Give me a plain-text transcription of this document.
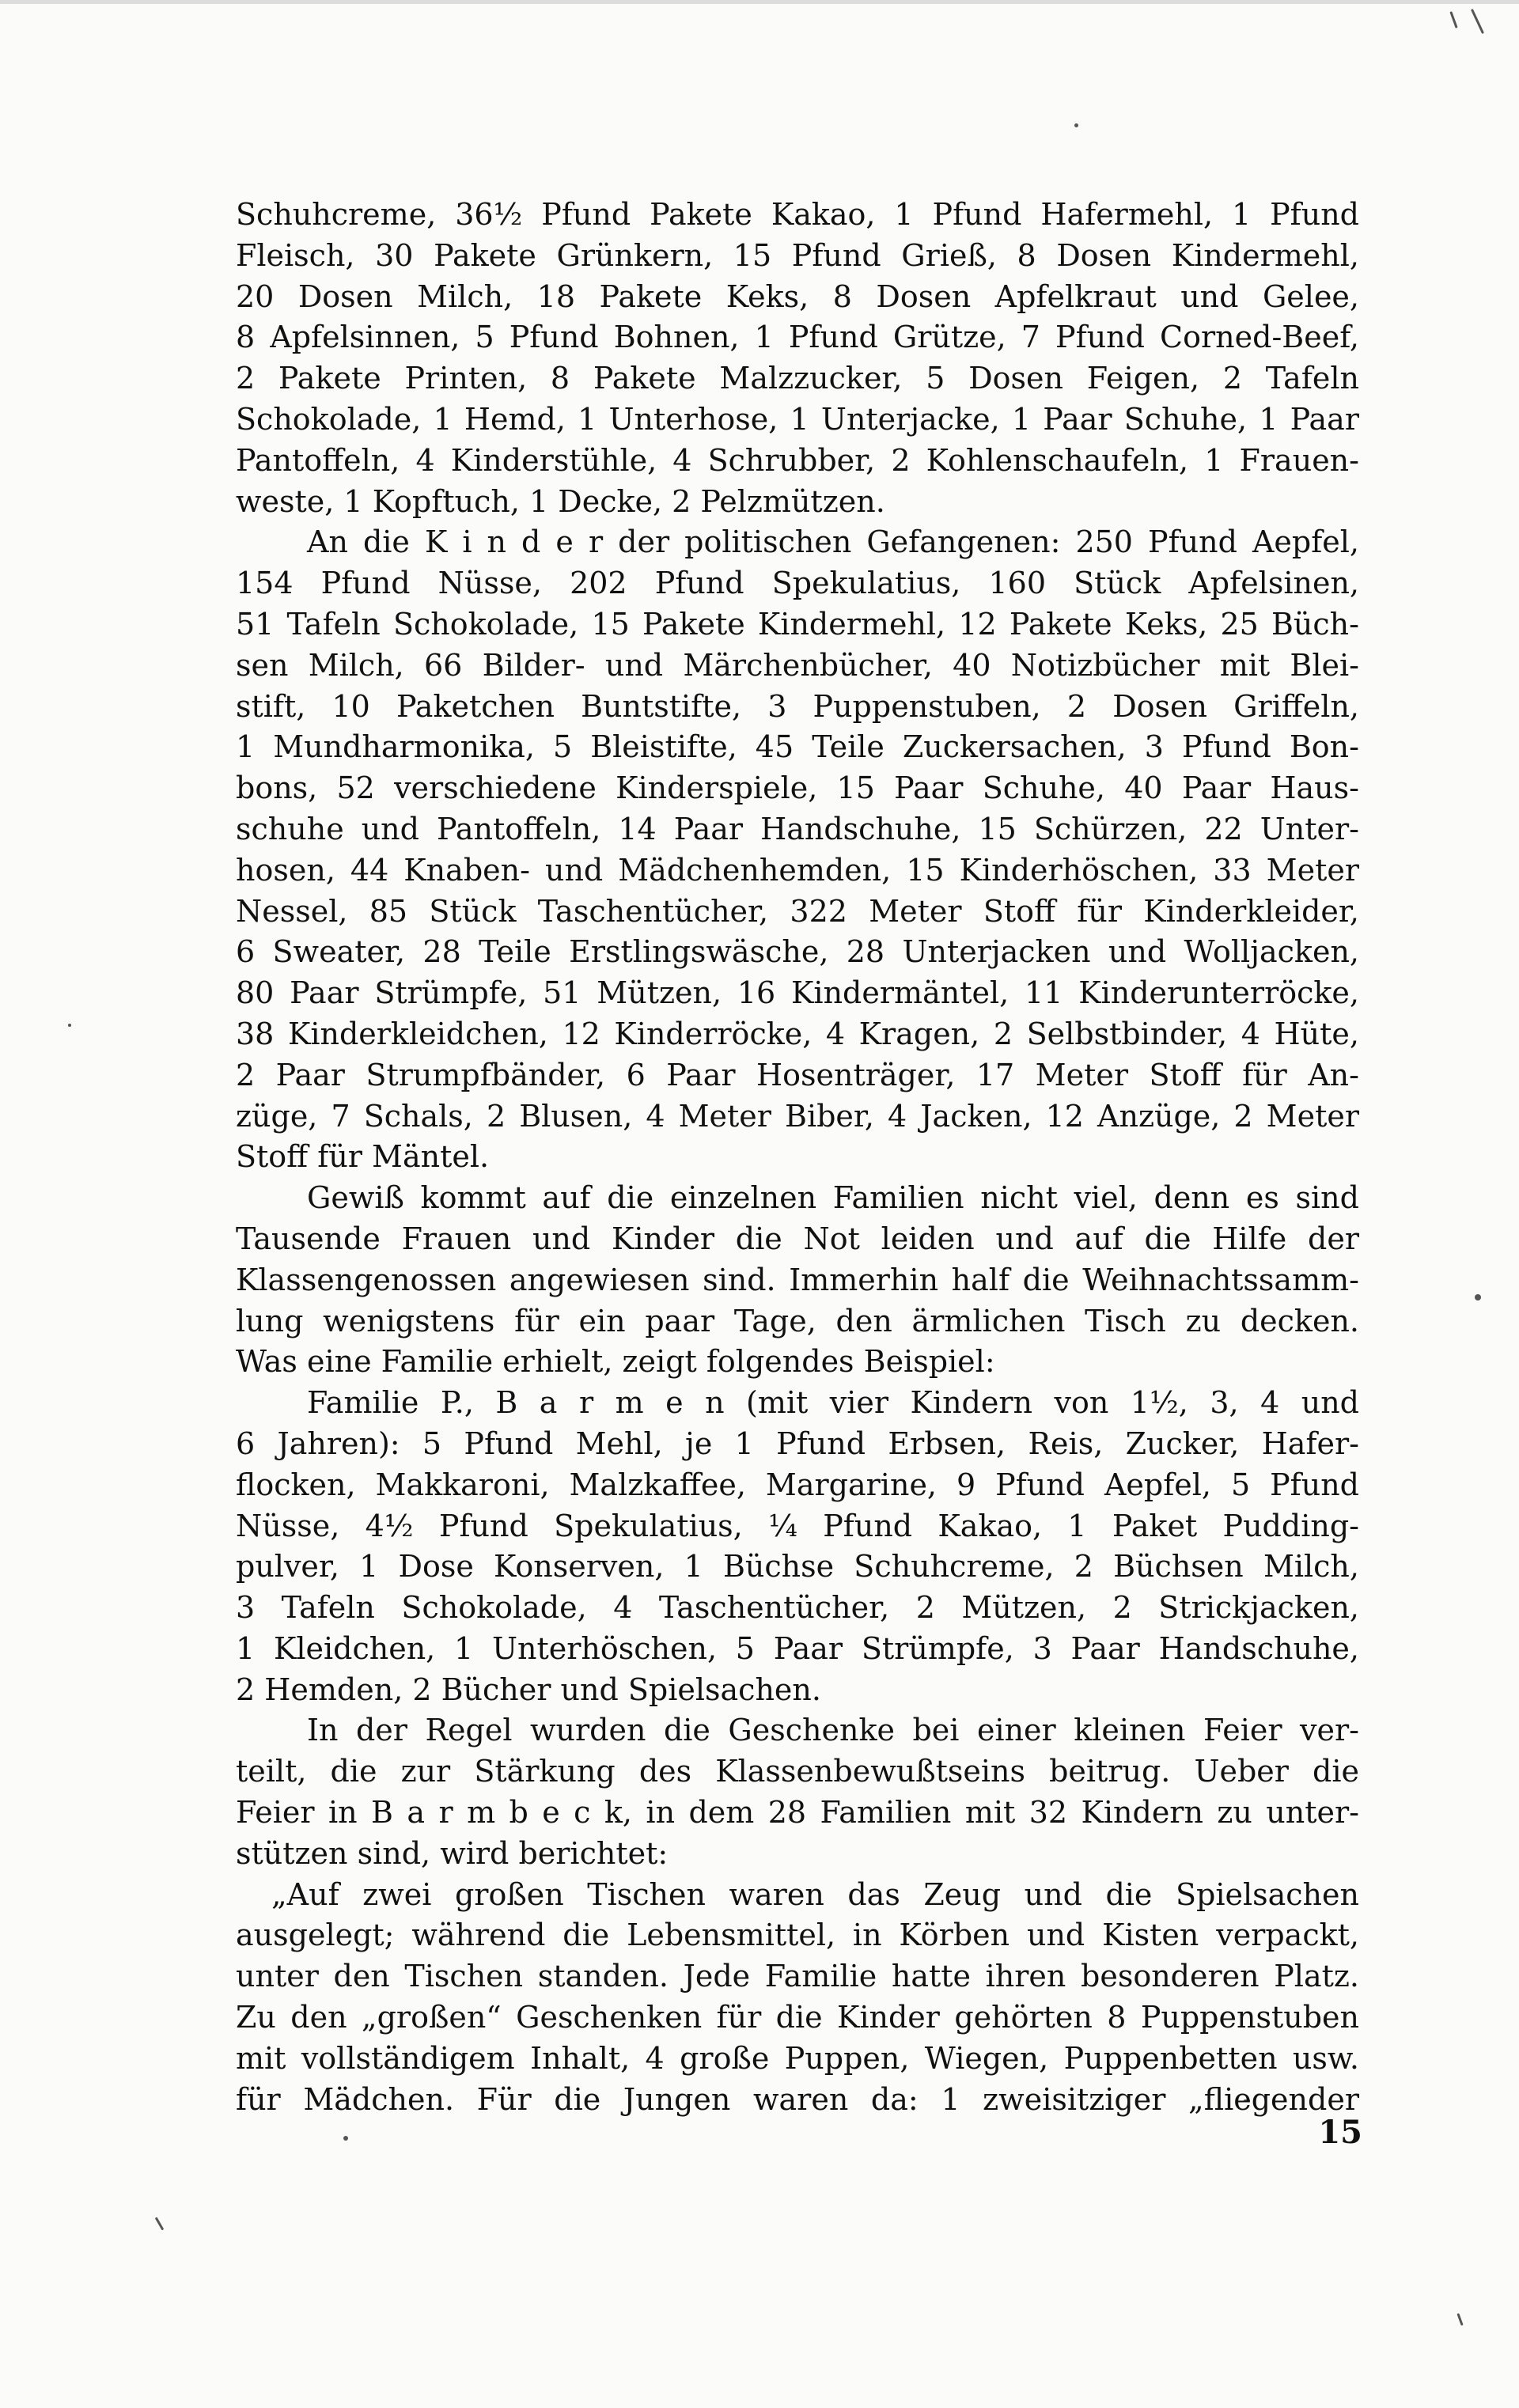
Schuhcreme, 36½ Pfund Pakete Kakao, 1 Pfund Hafermehl, 1 Pfund
Fleisch, 30 Pakete Grünkern, 15 Pfund Grieß, 8 Dosen Kindermehl,
20 Dosen Milch, 18 Pakete Keks, 8 Dosen Apfelkraut und Gelee,
8 Apfelsinnen, 5 Pfund Bohnen, 1 Pfund Grütze, 7 Pfund Corned-Beef,
2 Pakete Printen, 8 Pakete Malzzucker, 5 Dosen Feigen, 2 Tafeln
Schokolade, 1 Hemd, 1 Unterhose, 1 Unterjacke, 1 Paar Schuhe, 1 Paar
Pantoffeln, 4 Kinderstühle, 4 Schrubber, 2 Kohlenschaufeln, 1 Frauen-
weste, 1 Kopftuch, 1 Decke, 2 Pelzmützen.
An die K i n d e r der politischen Gefangenen: 250 Pfund Aepfel,
154 Pfund Nüsse, 202 Pfund Spekulatius, 160 Stück Apfelsinen,
51 Tafeln Schokolade, 15 Pakete Kindermehl, 12 Pakete Keks, 25 Büch-
sen Milch, 66 Bilder- und Märchenbücher, 40 Notizbücher mit Blei-
stift, 10 Paketchen Buntstifte, 3 Puppenstuben, 2 Dosen Griffeln,
1 Mundharmonika, 5 Bleistifte, 45 Teile Zuckersachen, 3 Pfund Bon-
bons, 52 verschiedene Kinderspiele, 15 Paar Schuhe, 40 Paar Haus-
schuhe und Pantoffeln, 14 Paar Handschuhe, 15 Schürzen, 22 Unter-
hosen, 44 Knaben- und Mädchenhemden, 15 Kinderhöschen, 33 Meter
Nessel, 85 Stück Taschentücher, 322 Meter Stoff für Kinderkleider,
6 Sweater, 28 Teile Erstlingswäsche, 28 Unterjacken und Wolljacken,
80 Paar Strümpfe, 51 Mützen, 16 Kindermäntel, 11 Kinderunterröcke,
38 Kinderkleidchen, 12 Kinderröcke, 4 Kragen, 2 Selbstbinder, 4 Hüte,
2 Paar Strumpfbänder, 6 Paar Hosenträger, 17 Meter Stoff für An-
züge, 7 Schals, 2 Blusen, 4 Meter Biber, 4 Jacken, 12 Anzüge, 2 Meter
Stoff für Mäntel.
Gewiß kommt auf die einzelnen Familien nicht viel, denn es sind
Tausende Frauen und Kinder die Not leiden und auf die Hilfe der
Klassengenossen angewiesen sind. Immerhin half die Weihnachtssamm-
lung wenigstens für ein paar Tage, den ärmlichen Tisch zu decken.
Was eine Familie erhielt, zeigt folgendes Beispiel:
Familie P., B a r m e n (mit vier Kindern von 1½, 3, 4 und
6 Jahren): 5 Pfund Mehl, je 1 Pfund Erbsen, Reis, Zucker, Hafer-
flocken, Makkaroni, Malzkaffee, Margarine, 9 Pfund Aepfel, 5 Pfund
Nüsse, 4½ Pfund Spekulatius, ¼ Pfund Kakao, 1 Paket Pudding-
pulver, 1 Dose Konserven, 1 Büchse Schuhcreme, 2 Büchsen Milch,
3 Tafeln Schokolade, 4 Taschentücher, 2 Mützen, 2 Strickjacken,
1 Kleidchen, 1 Unterhöschen, 5 Paar Strümpfe, 3 Paar Handschuhe,
2 Hemden, 2 Bücher und Spielsachen.
In der Regel wurden die Geschenke bei einer kleinen Feier ver-
teilt, die zur Stärkung des Klassenbewußtseins beitrug. Ueber die
Feier in B a r m b e c k, in dem 28 Familien mit 32 Kindern zu unter-
stützen sind, wird berichtet:
„Auf zwei großen Tischen waren das Zeug und die Spielsachen
ausgelegt; während die Lebensmittel, in Körben und Kisten verpackt,
unter den Tischen standen. Jede Familie hatte ihren besonderen Platz.
Zu den „großen“ Geschenken für die Kinder gehörten 8 Puppenstuben
mit vollständigem Inhalt, 4 große Puppen, Wiegen, Puppenbetten usw.
für Mädchen. Für die Jungen waren da: 1 zweisitziger „fliegender
15
